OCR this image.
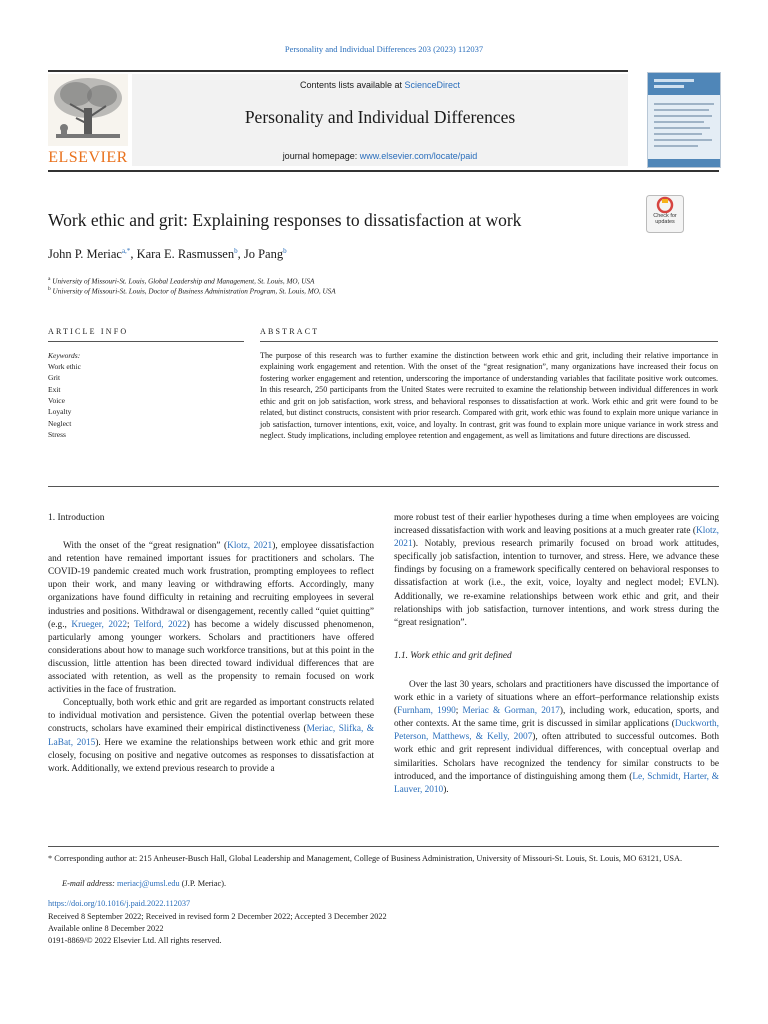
Personality and Individual Differences 203 (2023) 112037
ELSEVIER
Contents lists available at ScienceDirect
Personality and Individual Differences
journal homepage: www.elsevier.com/locate/paid
Check for updates
Work ethic and grit: Explaining responses to dissatisfaction at work
John P. Meriac$^{a,*}$, Kara E. Rasmussen$^b$, Jo Pang$^b$
$^a$ University of Missouri-St. Louis, Global Leadership and Management, St. Louis, MO, USA
$^b$ University of Missouri-St. Louis, Doctor of Business Administration Program, St. Louis, MO, USA
ARTICLE INFO	ABSTRACT
Keywords:
Work ethic
Grit
Exit
Voice
Loyalty
Neglect
Stress
The purpose of this research was to further examine the distinction between work ethic and grit, including their relative importance in explaining work engagement and retention. With the onset of the “great resignation”, many organizations have increased their focus on fostering worker engagement and retention, underscoring the importance of understanding variables that facilitate positive work outcomes. In this research, 250 participants from the United States were recruited to examine the relationship between individual differences in work ethic and grit on job satisfaction, work stress, and behavioral responses to dissatisfaction at work. Work ethic and grit were found to be related, but distinct constructs, consistent with prior research. Compared with grit, work ethic was found to explain more unique variance in job satisfaction, turnover intentions, exit, voice, and loyalty. In contrast, grit was found to explain more unique variance in work stress and neglect. Study implications, including employee retention and engagement, as well as limitations and future directions are discussed.
1. Introduction

With the onset of the “great resignation” (Klotz, 2021), employee dissatisfaction and retention have remained important issues for practitioners and scholars. The COVID-19 pandemic created much work frustration, prompting employees to reflect upon their work, and many leaving or withdrawing efforts. Accordingly, many organizations have found difficulty in retaining and recruiting employees in several industries and positions. Withdrawal or disengagement, recently called “quiet quitting” (e.g., Krueger, 2022; Telford, 2022) has become a widely discussed phenomenon, particularly among younger workers. Scholars and practitioners have offered considerations about how to manage such workforce transitions, but at this point in the discussion, little attention has been directed toward individual differences that are associated with retention, as well as the propensity to remain focused on work activities in the face of frustration.

Conceptually, both work ethic and grit are regarded as important constructs related to individual motivation and persistence. Given the potential overlap between these constructs, scholars have examined their empirical distinctiveness (Meriac, Slifka, & LaBat, 2015). Here we examine the relationships between work ethic and grit more closely, focusing on positive and negative outcomes as responses to dissatisfaction at work. Additionally, we extend previous research to provide a

more robust test of their earlier hypotheses during a time when employees are voicing increased dissatisfaction with work and leaving positions at a much greater rate (Klotz, 2021). Notably, previous research primarily focused on broad work attitudes, specifically job satisfaction, intention to turnover, and stress. Here, we advance these findings by focusing on a framework specifically centered on behavioral responses to dissatisfaction at work (i.e., the exit, voice, loyalty and neglect model; EVLN). Additionally, we re-examine relationships between work ethic and grit, and their relationships with job satisfaction, turnover intentions, and work stress during the “great resignation”.

1.1. Work ethic and grit defined

Over the last 30 years, scholars and practitioners have discussed the importance of work ethic in a variety of situations where an effort–performance relationship exists (Furnham, 1990; Meriac & Gorman, 2017), including work, education, sports, and other contexts. At the same time, grit is discussed in similar applications (Duckworth, Peterson, Matthews, & Kelly, 2007), often attributed to successful outcomes. Both work ethic and grit represent individual differences, with conceptual overlap and similarities. Scholars have recognized the tendency for similar constructs to be introduced, and the importance of distinguishing among them (Le, Schmidt, Harter, & Lauver, 2010).

* Corresponding author at: 215 Anheuser-Busch Hall, Global Leadership and Management, College of Business Administration, University of Missouri-St. Louis, St. Louis, MO 63121, USA.
E-mail address: meriacj@umsl.edu (J.P. Meriac).
https://doi.org/10.1016/j.paid.2022.112037
Received 8 September 2022; Received in revised form 2 December 2022; Accepted 3 December 2022
Available online 8 December 2022
0191-8869/© 2022 Elsevier Ltd. All rights reserved.
